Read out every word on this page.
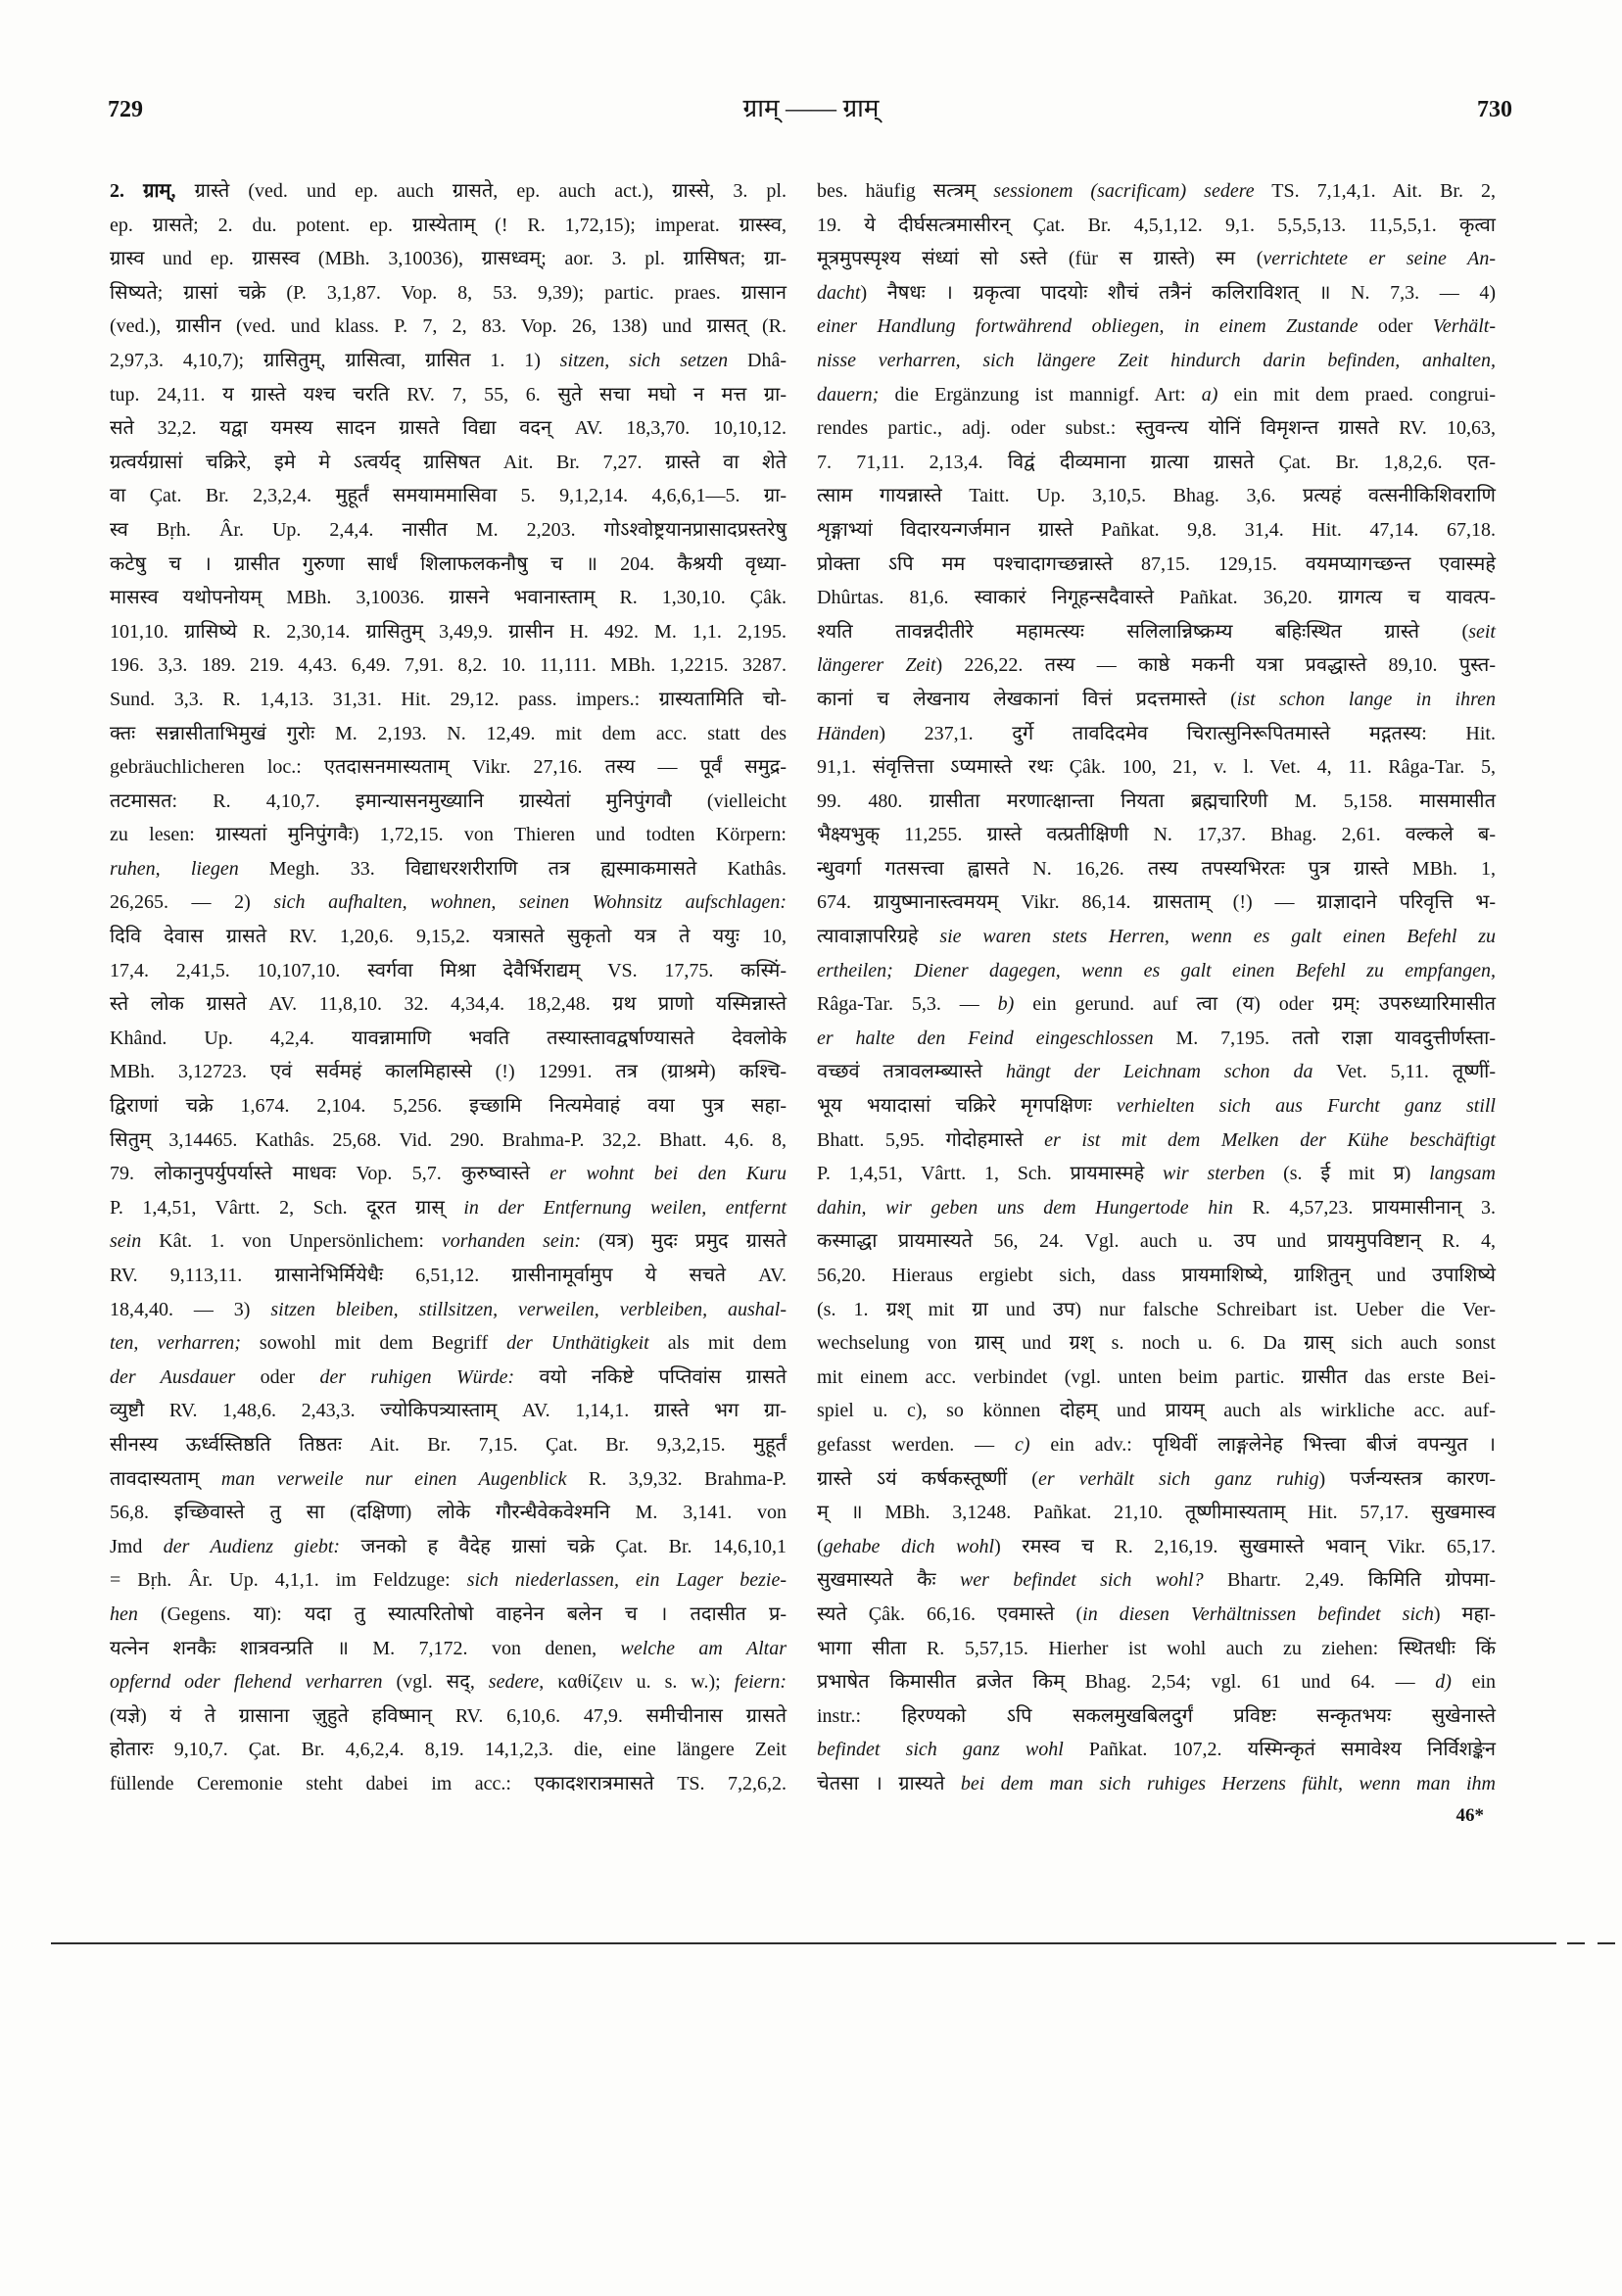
729	ग्राम् —— ग्राम्	730
2. ग्राम्, ग्रास्ते (ved. und ep. auch ग्रासते, ep. auch act.), ग्रास्से, 3. pl.
ep. ग्रासते; 2. du. potent. ep. ग्रास्येताम् (! R. 1,72,15); imperat. ग्रास्स्व,
ग्रास्व und ep. ग्रासस्व (MBh. 3,10036), ग्रासध्वम्; aor. 3. pl. ग्रासिषत; ग्रा-
सिष्यते; ग्रासां चक्रे (P. 3,1,87. Vop. 8, 53. 9,39); partic. praes. ग्रासान
(ved.), ग्रासीन (ved. und klass. P. 7, 2, 83. Vop. 26, 138) und ग्रासत् (R.
2,97,3. 4,10,7); ग्रासितुम्, ग्रासित्वा, ग्रासित 1. 1) sitzen, sich setzen Dhâ-
tup. 24,11. य ग्रास्ते यश्च चरति RV. 7, 55, 6. सुते सचा मघो न मत्त ग्रा-
सते 32,2. यद्वा यमस्य सादन ग्रासते विद्या वदन् AV. 18,3,70. 10,10,12.
ग्रत्वर्यग्रासां चक्रिरे, इमे मे ऽत्वर्यद् ग्रासिषत Ait. Br. 7,27. ग्रास्ते वा शेते
वा Çat. Br. 2,3,2,4. मुहूर्तं समयाममासिवा 5. 9,1,2,14. 4,6,6,1—5. ग्रा-
स्व Bṛh. Âr. Up. 2,4,4. नासीत M. 2,203. गोऽश्वोष्ट्रयानप्रासादप्रस्तरेषु
कटेषु च । ग्रासीत गुरुणा सार्धं शिलाफलकनौषु च ॥ 204. कैश्रयी वृध्या-
मासस्व यथोपनोयम् MBh. 3,10036. ग्रासने भवानास्ताम् R. 1,30,10. Çâk.
101,10. ग्रासिष्ये R. 2,30,14. ग्रासितुम् 3,49,9. ग्रासीन H. 492. M. 1,1. 2,195.
196. 3,3. 189. 219. 4,43. 6,49. 7,91. 8,2. 10. 11,111. MBh. 1,2215. 3287.
Sund. 3,3. R. 1,4,13. 31,31. Hit. 29,12. pass. impers.: ग्रास्यतामिति चो-
क्तः सन्नासीताभिमुखं गुरोः M. 2,193. N. 12,49. mit dem acc. statt des
gebräuchlicheren loc.: एतदासनमास्यताम् Vikr. 27,16. तस्य — पूर्वं समुद्र-
तटमासत: R. 4,10,7. इमान्यासनमुख्यानि ग्रास्येतां मुनिपुंगवौ (vielleicht
zu lesen: ग्रास्यतां मुनिपुंगवैः) 1,72,15. von Thieren und todten Körpern:
ruhen, liegen Megh. 33. विद्याधरशरीराणि तत्र ह्यस्माकमासते Kathâs.
26,265. — 2) sich aufhalten, wohnen, seinen Wohnsitz aufschlagen:
दिवि देवास ग्रासते RV. 1,20,6. 9,15,2. यत्रासते सुकृतो यत्र ते ययुः 10,
17,4. 2,41,5. 10,107,10. स्वर्गवा मिश्रा देवैर्भिराद्यम् VS. 17,75. कस्मिं-
स्ते लोक ग्रासते AV. 11,8,10. 32. 4,34,4. 18,2,48. ग्रथ प्राणो यस्मिन्नास्ते
Khând. Up. 4,2,4. यावन्नामाणि भवति तस्यास्तावद्वर्षाण्यासते देवलोके
MBh. 3,12723. एवं सर्वमहं कालमिहास्से (!) 12991. तत्र (ग्राश्रमे) कश्चि-
द्विराणां चक्रे 1,674. 2,104. 5,256. इच्छामि नित्यमेवाहं वया पुत्र सहा-
सितुम् 3,14465. Kathâs. 25,68. Vid. 290. Brahma-P. 32,2. Bhatt. 4,6. 8,
79. लोकानुपर्युपर्यास्ते माधवः Vop. 5,7. कुरुष्वास्ते er wohnt bei den Kuru
P. 1,4,51, Vârtt. 2, Sch. दूरत ग्रास् in der Entfernung weilen, entfernt
sein Kât. 1. von Unpersönlichem: vorhanden sein: (यत्र) मुदः प्रमुद ग्रासते
RV. 9,113,11. ग्रासानेभिर्मियेधैः 6,51,12. ग्रासीनामूर्वामुप ये सचते AV.
18,4,40. — 3) sitzen bleiben, stillsitzen, verweilen, verbleiben, aushal-
ten, verharren; sowohl mit dem Begriff der Unthätigkeit als mit dem
der Ausdauer oder der ruhigen Würde: वयो नकिष्टे पप्तिवांस ग्रासते
व्युष्टौ RV. 1,48,6. 2,43,3. ज्योकिपत्र्यास्ताम् AV. 1,14,1. ग्रास्ते भग ग्रा-
सीनस्य ऊर्ध्वस्तिष्ठति तिष्ठतः Ait. Br. 7,15. Çat. Br. 9,3,2,15. मुहूर्तं
तावदास्यताम् man verweile nur einen Augenblick R. 3,9,32. Brahma-P.
56,8. इच्छिवास्ते तु सा (दक्षिणा) लोके गौरन्धैवेकवेश्मनि M. 3,141. von
Jmd der Audienz giebt: जनको ह वैदेह ग्रासां चक्रे Çat. Br. 14,6,10,1
= Bṛh. Âr. Up. 4,1,1. im Feldzuge: sich niederlassen, ein Lager bezie-
hen (Gegens. या): यदा तु स्यात्परितोषो वाहनेन बलेन च । तदासीत प्र-
यत्नेन शनकैः शात्रवन्प्रति ॥ M. 7,172. von denen, welche am Altar
opfernd oder flehend verharren (vgl. सद्, sedere, καθίζειν u. s. w.); feiern:
(यज्ञे) यं ते ग्रासाना ज़ुहुते हविष्मान् RV. 6,10,6. 47,9. समीचीनास ग्रासते
होतारः 9,10,7. Çat. Br. 4,6,2,4. 8,19. 14,1,2,3. die, eine längere Zeit
füllende Ceremonie steht dabei im acc.: एकादशरात्रमासते TS. 7,2,6,2.
bes. häufig सत्त्रम् sessionem (sacrificam) sedere TS. 7,1,4,1. Ait. Br. 2,
19. ये दीर्घसत्त्रमासीरन् Çat. Br. 4,5,1,12. 9,1. 5,5,5,13. 11,5,5,1. कृत्वा
मूत्रमुपस्पृश्य संध्यां सो ऽस्ते (für स ग्रास्ते) स्म (verrichtete er seine An-
dacht) नैषधः । ग्रकृत्वा पादयोः शौचं तत्रैनं कलिराविशत् ॥ N. 7,3. — 4)
einer Handlung fortwährend obliegen, in einem Zustande oder Verhält-
nisse verharren, sich längere Zeit hindurch darin befinden, anhalten,
dauern; die Ergänzung ist mannigf. Art: a) ein mit dem praed. congrui-
rendes partic., adj. oder subst.: स्तुवन्त्य योनिं विमृशन्त ग्रासते RV. 10,63,
7. 71,11. 2,13,4. विद्वं दीव्यमाना ग्रात्या ग्रासते Çat. Br. 1,8,2,6. एत-
त्साम गायन्नास्ते Taitt. Up. 3,10,5. Bhag. 3,6. प्रत्यहं वत्सनीकिशिवराणि
शृङ्गाभ्यां विदारयन्गर्जमान ग्रास्ते Pañkat. 9,8. 31,4. Hit. 47,14. 67,18.
प्रोक्ता ऽपि मम पश्चादागच्छन्नास्ते 87,15. 129,15. वयमप्यागच्छन्त एवास्महे
Dhûrtas. 81,6. स्वाकारं निगूहन्सदैवास्ते Pañkat. 36,20. ग्रागत्य च यावत्प-
श्यति तावन्नदीतीरे महामत्स्यः सलिलान्निष्क्रम्य बहिःस्थित ग्रास्ते (seit
längerer Zeit) 226,22. तस्य — काष्ठे मकनी यत्रा प्रवद्धास्ते 89,10. पुस्त-
कानां च लेखनाय लेखकानां वित्तं प्रदत्तमास्ते (ist schon lange in ihren
Händen) 237,1. दुर्गे तावदिदमेव चिरात्सुनिरूपितमास्ते मद्गतस्य: Hit.
91,1. संवृत्तित्ता ऽप्यमास्ते रथः Çâk. 100, 21, v. l. Vet. 4, 11. Râga-Tar. 5,
99. 480. ग्रासीता मरणात्क्षान्ता नियता ब्रह्मचारिणी M. 5,158. मासमासीत
भैक्ष्यभुक् 11,255. ग्रास्ते वत्प्रतीक्षिणी N. 17,37. Bhag. 2,61. वल्कले ब-
न्धुवर्गा गतसत्त्वा ह्वासते N. 16,26. तस्य तपस्यभिरतः पुत्र ग्रास्ते MBh. 1,
674. ग्रायुष्मानास्त्वमयम् Vikr. 86,14. ग्रासताम् (!) — ग्राज्ञादाने परिवृत्ति भ-
त्यावाज्ञापरिग्रहे sie waren stets Herren, wenn es galt einen Befehl zu
ertheilen; Diener dagegen, wenn es galt einen Befehl zu empfangen,
Râga-Tar. 5,3. — b) ein gerund. auf त्वा (य) oder ग्रम्: उपरुध्यारिमासीत
er halte den Feind eingeschlossen M. 7,195. ततो राज्ञा यावदुत्तीर्णस्ता-
वच्छवं तत्रावलम्ब्यास्ते hängt der Leichnam schon da Vet. 5,11. तूष्णीं-
भूय भयादासां चक्रिरे मृगपक्षिणः verhielten sich aus Furcht ganz still
Bhatt. 5,95. गोदोहमास्ते er ist mit dem Melken der Kühe beschäftigt
P. 1,4,51, Vârtt. 1, Sch. प्रायमास्महे wir sterben (s. ई mit प्र) langsam
dahin, wir geben uns dem Hungertode hin R. 4,57,23. प्रायमासीनान् 3.
कस्माद्धा प्रायमास्यते 56, 24. Vgl. auch u. उप und प्रायमुपविष्टान् R. 4,
56,20. Hieraus ergiebt sich, dass प्रायमाशिष्ये, ग्राशितुन् und उपाशिष्ये
(s. 1. ग्रश् mit ग्रा und उप) nur falsche Schreibart ist. Ueber die Ver-
wechselung von ग्रास् und ग्रश् s. noch u. 6. Da ग्रास् sich auch sonst
mit einem acc. verbindet (vgl. unten beim partic. ग्रासीत das erste Bei-
spiel u. c), so können दोहम् und प्रायम् auch als wirkliche acc. auf-
gefasst werden. — c) ein adv.: पृथिवीं लाङ्गलेनेह भित्त्वा बीजं वपन्युत ।
ग्रास्ते ऽयं कर्षकस्तूष्णीं (er verhält sich ganz ruhig) पर्जन्यस्तत्र कारण-
म् ॥ MBh. 3,1248. Pañkat. 21,10. तूष्णीमास्यताम् Hit. 57,17. सुखमास्व
(gehabe dich wohl) रमस्व च R. 2,16,19. सुखमास्ते भवान् Vikr. 65,17.
सुखमास्यते कैः wer befindet sich wohl? Bhartr. 2,49. किमिति ग्रोपमा-
स्यते Çâk. 66,16. एवमास्ते (in diesen Verhältnissen befindet sich) महा-
भागा सीता R. 5,57,15. Hierher ist wohl auch zu ziehen: स्थितधीः किं
प्रभाषेत किमासीत व्रजेत किम् Bhag. 2,54; vgl. 61 und 64. — d) ein
instr.: हिरण्यको ऽपि सकलमुखबिलदुर्गं प्रविष्टः सन्कृतभयः सुखेनास्ते
befindet sich ganz wohl Pañkat. 107,2. यस्मिन्कृतं समावेश्य निर्विशङ्केन
चेतसा । ग्रास्यते bei dem man sich ruhiges Herzens fühlt, wenn man ihm
46*
